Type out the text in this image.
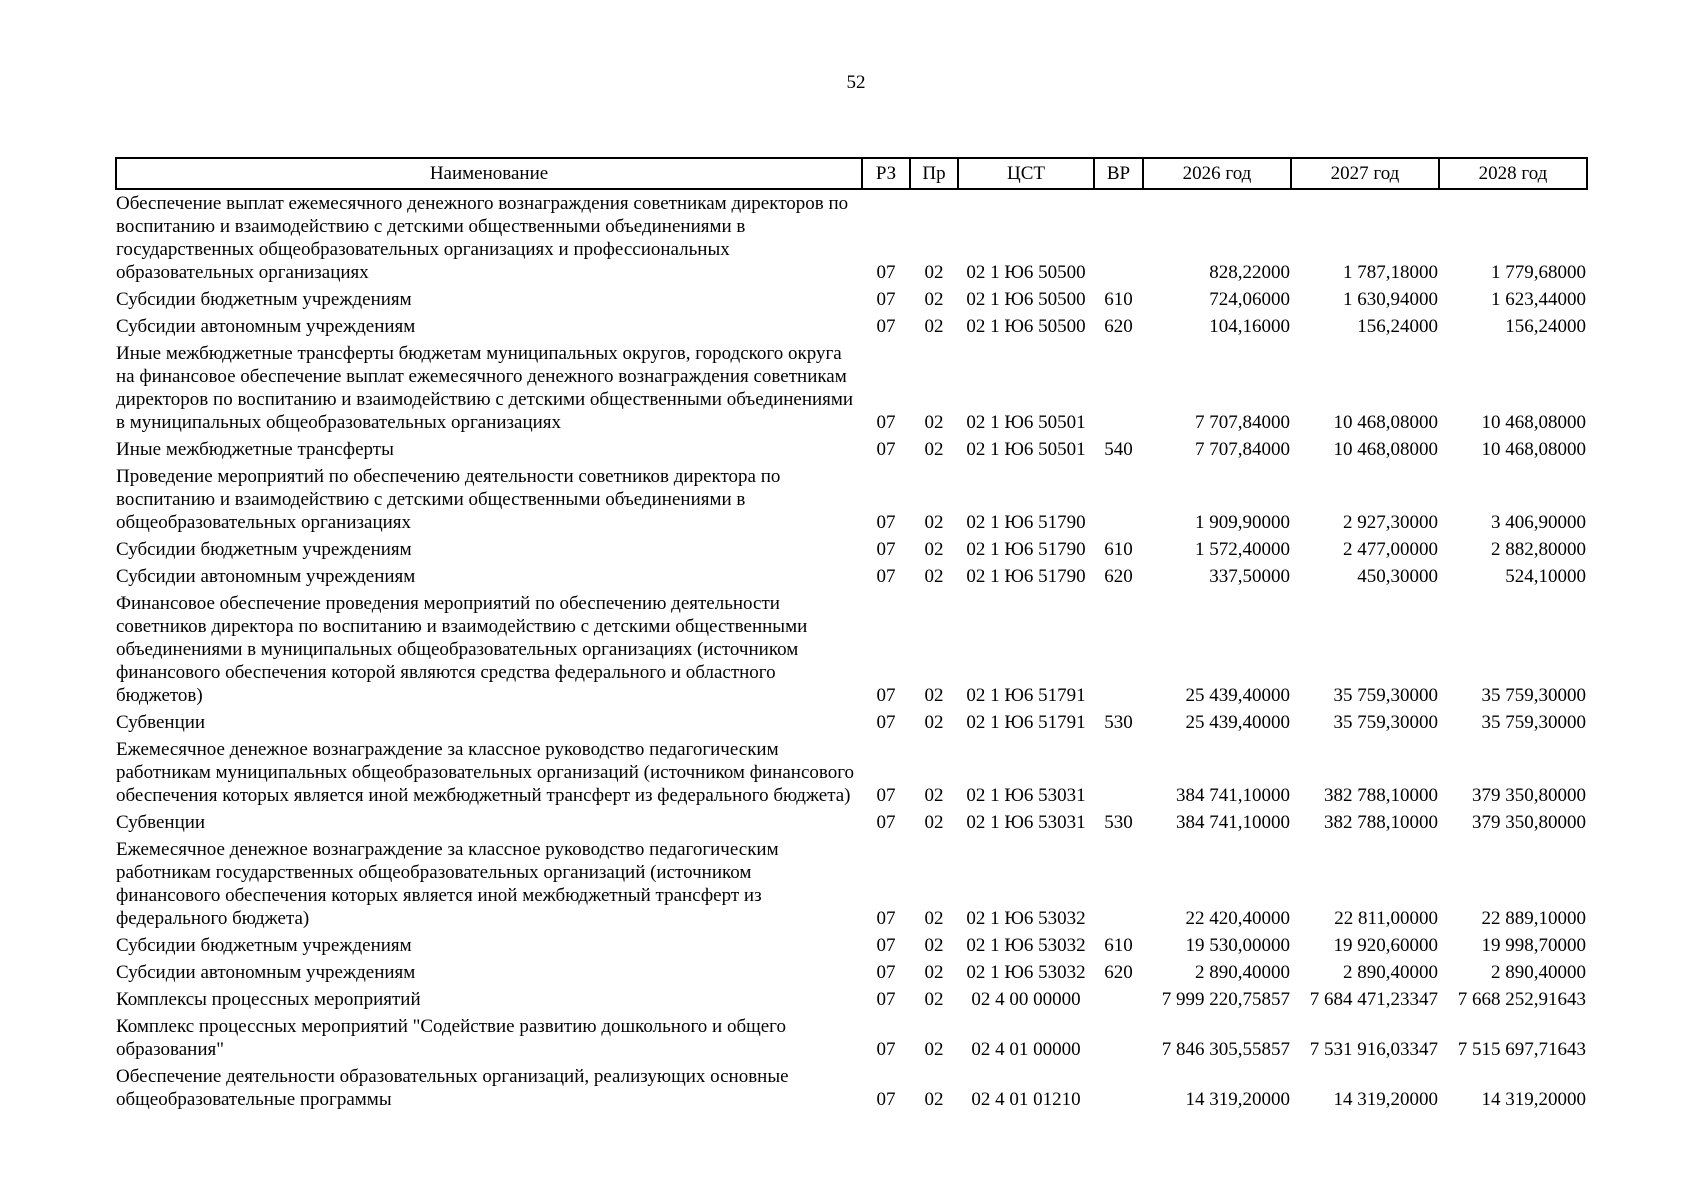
52
Наименование	РЗ	Пр	ЦСТ	ВР	2026 год	2027 год	2028 год
Обеспечение выплат ежемесячного денежного вознаграждения советникам директоров по воспитанию и взаимодействию с детскими общественными объединениями в государственных общеобразовательных организациях и профессиональных образовательных организациях	07	02	02 1 Ю6 50500		828,22000	1 787,18000	1 779,68000
Субсидии бюджетным учреждениям	07	02	02 1 Ю6 50500	610	724,06000	1 630,94000	1 623,44000
Субсидии автономным учреждениям	07	02	02 1 Ю6 50500	620	104,16000	156,24000	156,24000
Иные межбюджетные трансферты бюджетам муниципальных округов, городского округа на финансовое обеспечение выплат ежемесячного денежного вознаграждения советникам директоров по воспитанию и взаимодействию с детскими общественными объединениями в муниципальных общеобразовательных организациях	07	02	02 1 Ю6 50501		7 707,84000	10 468,08000	10 468,08000
Иные межбюджетные трансферты	07	02	02 1 Ю6 50501	540	7 707,84000	10 468,08000	10 468,08000
Проведение мероприятий по обеспечению деятельности советников директора по воспитанию и взаимодействию с детскими общественными объединениями в общеобразовательных организациях	07	02	02 1 Ю6 51790		1 909,90000	2 927,30000	3 406,90000
Субсидии бюджетным учреждениям	07	02	02 1 Ю6 51790	610	1 572,40000	2 477,00000	2 882,80000
Субсидии автономным учреждениям	07	02	02 1 Ю6 51790	620	337,50000	450,30000	524,10000
Финансовое обеспечение проведения мероприятий по обеспечению деятельности советников директора по воспитанию и взаимодействию с детскими общественными объединениями в муниципальных общеобразовательных организациях (источником финансового обеспечения которой являются средства федерального и областного бюджетов)	07	02	02 1 Ю6 51791		25 439,40000	35 759,30000	35 759,30000
Субвенции	07	02	02 1 Ю6 51791	530	25 439,40000	35 759,30000	35 759,30000
Ежемесячное денежное вознаграждение за классное руководство педагогическим работникам муниципальных общеобразовательных организаций (источником финансового обеспечения которых является иной межбюджетный трансферт из федерального бюджета)	07	02	02 1 Ю6 53031		384 741,10000	382 788,10000	379 350,80000
Субвенции	07	02	02 1 Ю6 53031	530	384 741,10000	382 788,10000	379 350,80000
Ежемесячное денежное вознаграждение за классное руководство педагогическим работникам государственных общеобразовательных организаций (источником финансового обеспечения которых является иной межбюджетный трансферт из федерального бюджета)	07	02	02 1 Ю6 53032		22 420,40000	22 811,00000	22 889,10000
Субсидии бюджетным учреждениям	07	02	02 1 Ю6 53032	610	19 530,00000	19 920,60000	19 998,70000
Субсидии автономным учреждениям	07	02	02 1 Ю6 53032	620	2 890,40000	2 890,40000	2 890,40000
Комплексы процессных мероприятий	07	02	02 4 00 00000		7 999 220,75857	7 684 471,23347	7 668 252,91643
Комплекс процессных мероприятий "Содействие развитию дошкольного и общего образования"	07	02	02 4 01 00000		7 846 305,55857	7 531 916,03347	7 515 697,71643
Обеспечение деятельности образовательных организаций, реализующих основные общеобразовательные программы	07	02	02 4 01 01210		14 319,20000	14 319,20000	14 319,20000
